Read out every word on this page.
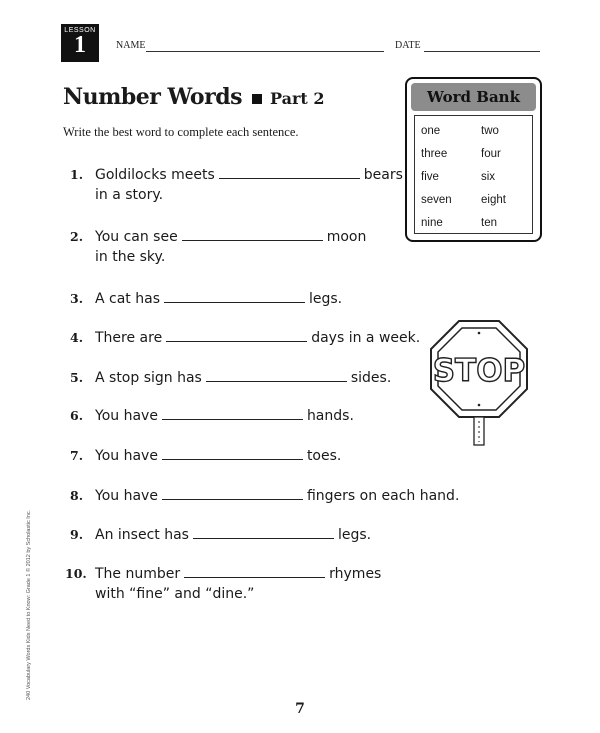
LESSON
1	NAME	DATE
Number Words Part 2
Write the best word to complete each sentence.
Word Bank
one	two
three	four
five	six
seven	eight
nine	ten
1. Goldilocks meets	bears
in a story.
2. You can see	moon
in the sky.
3. A cat has	legs.
4. There are	days in a week.
5. A stop sign has	sides.
6. You have	hands.
7. You have	toes.
8. You have	fingers on each hand.
9. An insect has	legs.
10. The number	rhymes
with “fine” and “dine.”
STOP
240 Vocabulary Words Kids Need to Know: Grade 1 © 2012 by Scholastic Inc.
7
